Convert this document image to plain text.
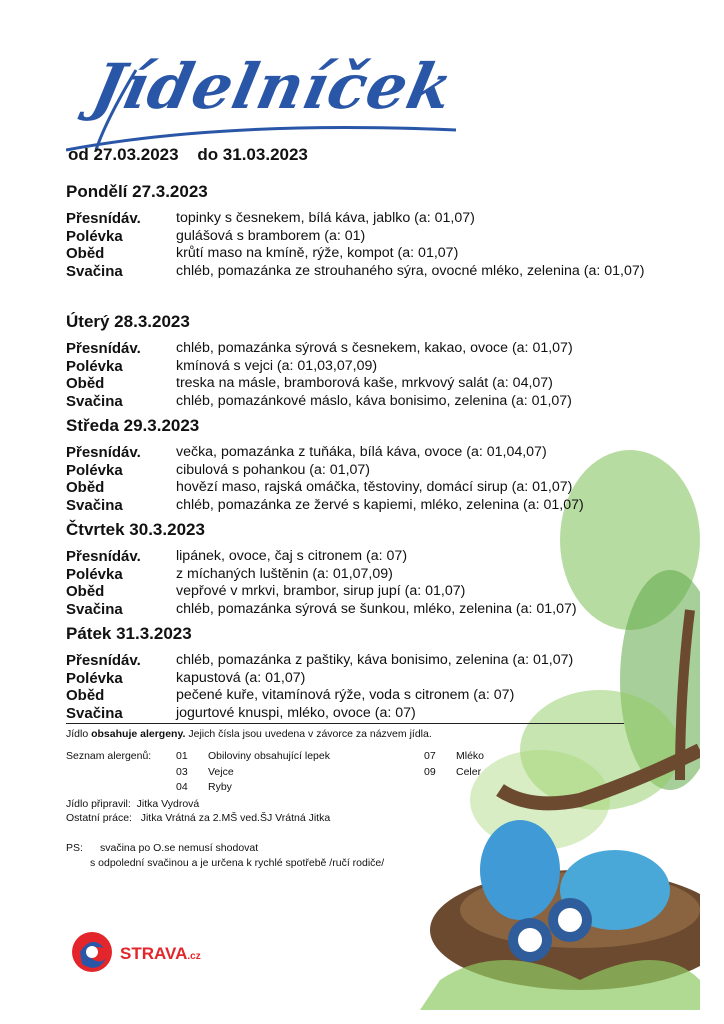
Jídelníček
od 27.03.2023 do 31.03.2023
Pondělí 27.3.2023
Přesnídáv.	topinky s česnekem, bílá káva, jablko (a: 01,07)
Polévka	gulášová s bramborem (a: 01)
Oběd	krůtí maso na kmíně, rýže, kompot (a: 01,07)
Svačina	chléb, pomazánka ze strouhaného sýra, ovocné mléko, zelenina (a: 01,07)
Úterý 28.3.2023
Přesnídáv.	chléb, pomazánka sýrová s česnekem, kakao, ovoce (a: 01,07)
Polévka	kmínová s vejci (a: 01,03,07,09)
Oběd	treska na másle, bramborová kaše, mrkvový salát (a: 04,07)
Svačina	chléb, pomazánkové máslo, káva bonisimo, zelenina (a: 01,07)
Středa 29.3.2023
Přesnídáv.	večka, pomazánka z tuňáka, bílá káva, ovoce (a: 01,04,07)
Polévka	cibulová s pohankou (a: 01,07)
Oběd	hovězí maso, rajská omáčka, těstoviny, domácí sirup (a: 01,07)
Svačina	chléb, pomazánka ze žervé s kapiemi, mléko, zelenina (a: 01,07)
Čtvrtek 30.3.2023
Přesnídáv.	lipánek, ovoce, čaj s citronem (a: 07)
Polévka	z míchaných luštěnin (a: 01,07,09)
Oběd	vepřové v mrkvi, brambor, sirup jupí (a: 01,07)
Svačina	chléb, pomazánka sýrová se šunkou, mléko, zelenina (a: 01,07)
Pátek 31.3.2023
Přesnídáv.	chléb, pomazánka z paštiky, káva bonisimo, zelenina (a: 01,07)
Polévka	kapustová (a: 01,07)
Oběd	pečené kuře, vitamínová rýže, voda s citronem (a: 07)
Svačina	jogurtové knuspi, mléko, ovoce (a: 07)
Jídlo obsahuje alergeny. Jejich čísla jsou uvedena v závorce za názvem jídla.
Seznam alergenů: 01 Obiloviny obsahující lepek
03 Vejce
04 Ryby
07 Mléko
09 Celer
Jídlo připravil: Jitka Vydrová
Ostatní práce: Jitka Vrátná za 2.MŠ ved.ŠJ Vrátná Jitka
PS: svačina po O.se nemusí shodovat
s odpolední svačinou a je určena k rychlé spotřebě /ručí rodiče/
STRAVA.cz
